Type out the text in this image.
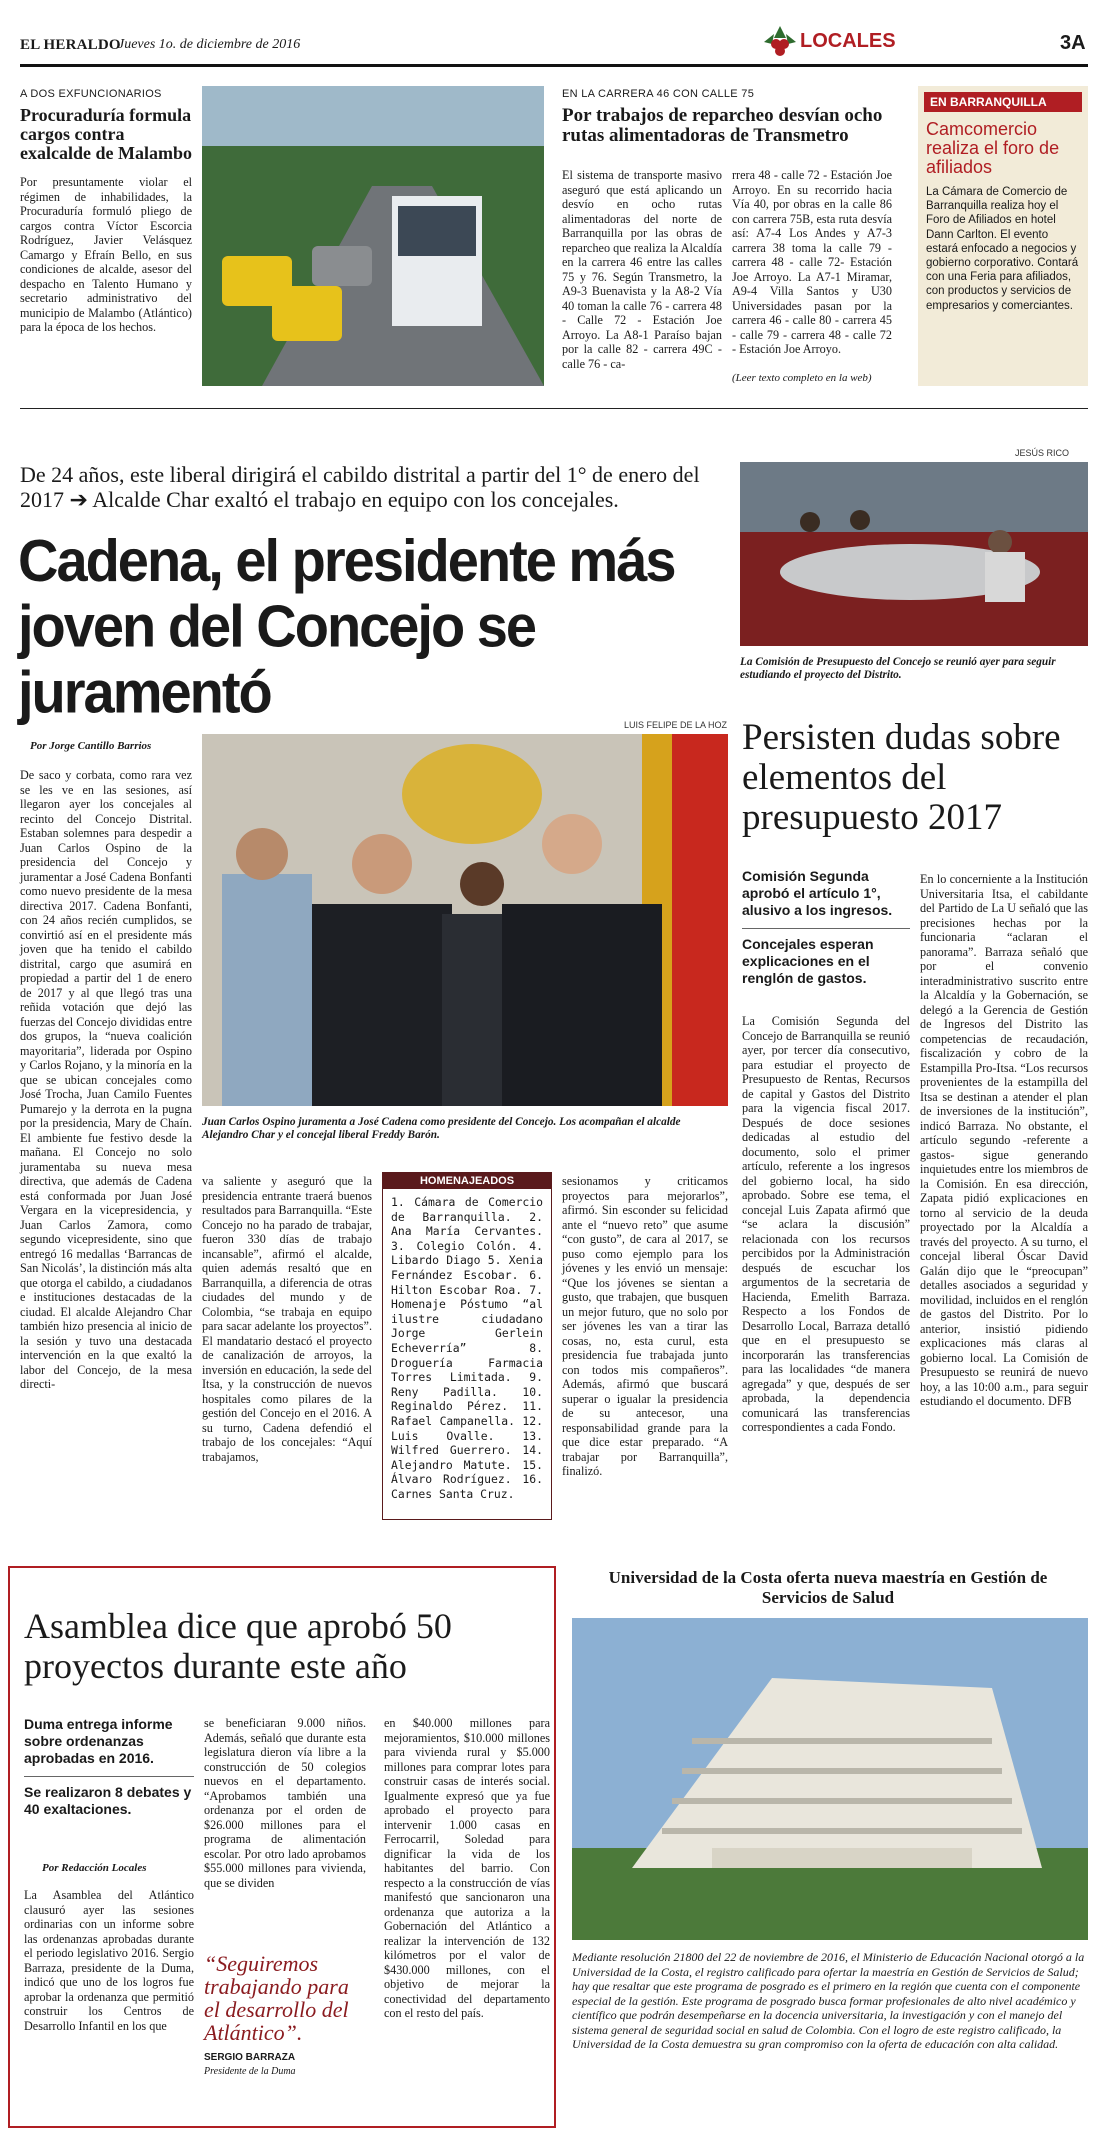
EL HERALDO
Jueves 1o. de diciembre de 2016	LOCALES	3A
A DOS EXFUNCIONARIOS
Procuraduría formula cargos contra exalcalde de Malambo

Por presuntamente violar el régimen de inhabilidades, la Procuraduría formuló pliego de cargos contra Víctor Escorcia Rodríguez, Javier Velásquez Camargo y Efraín Bello, en sus condiciones de alcalde, asesor del despacho en Talento Humano y secretario administrativo del municipio de Malambo (Atlántico) para la época de los hechos.

EN LA CARRERA 46 CON CALLE 75
Por trabajos de reparcheo desvían ocho rutas alimentadoras de Transmetro
El sistema de transporte masivo aseguró que está aplicando un desvío en ocho rutas alimentadoras del norte de Barranquilla por las obras de reparcheo que realiza la Alcaldía en la carrera 46 entre las calles 75 y 76. Según Transmetro, la A9-3 Buenavista y la A8-2 Vía 40 toman la calle 76 - carrera 48 - Calle 72 - Estación Joe Arroyo. La A8-1 Paraíso bajan por la calle 82 - carrera 49C - calle 76 - ca-
rrera 48 - calle 72 - Estación Joe Arroyo. En su recorrido hacia Vía 40, por obras en la calle 86 con carrera 75B, esta ruta desvía así: A7-4 Los Andes y A7-3 carrera 38 toma la calle 79 - carrera 48 - calle 72- Estación Joe Arroyo. La A7-1 Miramar, A9-4 Villa Santos y U30 Universidades pasan por la carrera 46 - calle 80 - carrera 45 - calle 79 - carrera 48 - calle 72 - Estación Joe Arroyo.
(Leer texto completo en la web)
EN BARRANQUILLA
Camcomercio realiza el foro de afiliados
La Cámara de Comercio de Barranquilla realiza hoy el Foro de Afiliados en hotel Dann Carlton. El evento estará enfocado a negocios y gobierno corporativo. Contará con una Feria para afiliados, con productos y servicios de empresarios y comerciantes.
De 24 años, este liberal dirigirá el cabildo distrital a partir del 1° de enero del 2017 ➔ Alcalde Char exaltó el trabajo en equipo con los concejales.
Cadena, el presidente más joven del Concejo se juramentó
JESÚS RICO
La Comisión de Presupuesto del Concejo se reunió ayer para seguir estudiando el proyecto del Distrito.
LUIS FELIPE DE LA HOZ
Por Jorge Cantillo Barrios
De saco y corbata, como rara vez se les ve en las sesiones, así llegaron ayer los concejales al recinto del Concejo Distrital. Estaban solemnes para despedir a Juan Carlos Ospino de la presidencia del Concejo y juramentar a José Cadena Bonfanti como nuevo presidente de la mesa directiva 2017. Cadena Bonfanti, con 24 años recién cumplidos, se convirtió así en el presidente más joven que ha tenido el cabildo distrital, cargo que asumirá en propiedad a partir del 1 de enero de 2017 y al que llegó tras una reñida votación que dejó las fuerzas del Concejo divididas entre dos grupos, la “nueva coalición mayoritaria”, liderada por Ospino y Carlos Rojano, y la minoría en la que se ubican concejales como José Trocha, Juan Camilo Fuentes Pumarejo y la derrota en la pugna por la presidencia, Mary de Chaín. El ambiente fue festivo desde la mañana. El Concejo no solo juramentaba su nueva mesa directiva, que además de Cadena está conformada por Juan José Vergara en la vicepresidencia, y Juan Carlos Zamora, como segundo vicepresidente, sino que entregó 16 medallas ‘Barrancas de San Nicolás’, la distinción más alta que otorga el cabildo, a ciudadanos e instituciones destacadas de la ciudad. El alcalde Alejandro Char también hizo presencia al inicio de la sesión y tuvo una destacada intervención en la que exaltó la labor del Concejo, de la mesa directi-
Juan Carlos Ospino juramenta a José Cadena como presidente del Concejo. Los acompañan el alcalde Alejandro Char y el concejal liberal Freddy Barón.
va saliente y aseguró que la presidencia entrante traerá buenos resultados para Barranquilla. “Este Concejo no ha parado de trabajar, fueron 330 días de trabajo incansable”, afirmó el alcalde, quien además resaltó que en Barranquilla, a diferencia de otras ciudades del mundo y de Colombia, “se trabaja en equipo para sacar adelante los proyectos”. El mandatario destacó el proyecto de canalización de arroyos, la inversión en educación, la sede del Itsa, y la construcción de nuevos hospitales como pilares de la gestión del Concejo en el 2016. A su turno, Cadena defendió el trabajo de los concejales: “Aquí trabajamos,
HOMENAJEADOS
1. Cámara de Comercio de Barranquilla. 2. Ana María Cervantes. 3. Colegio Colón. 4. Libardo Diago 5. Xenia Fernández Escobar. 6. Hilton Escobar Roa. 7. Homenaje Póstumo “al ilustre ciudadano Jorge Gerlein Echeverría” 8. Droguería Farmacia Torres Limitada. 9. Reny Padilla. 10. Reginaldo Pérez. 11. Rafael Campanella. 12. Luis Ovalle. 13. Wilfred Guerrero. 14. Alejandro Matute. 15. Álvaro Rodríguez. 16. Carnes Santa Cruz.
sesionamos y criticamos proyectos para mejorarlos”, afirmó. Sin esconder su felicidad ante el “nuevo reto” que asume “con gusto”, de cara al 2017, se puso como ejemplo para los jóvenes y les envió un mensaje: “Que los jóvenes se sientan a gusto, que trabajen, que busquen un mejor futuro, que no solo por ser jóvenes les van a tirar las cosas, no, esta curul, esta presidencia fue trabajada junto con todos mis compañeros”. Además, afirmó que buscará superar o igualar la presidencia de su antecesor, una responsabilidad grande para la que dice estar preparado. “A trabajar por Barranquilla”, finalizó.
Persisten dudas sobre elementos del presupuesto 2017
Comisión Segunda aprobó el artículo 1°, alusivo a los ingresos.
Concejales esperan explicaciones en el renglón de gastos.
La Comisión Segunda del Concejo de Barranquilla se reunió ayer, por tercer día consecutivo, para estudiar el proyecto de Presupuesto de Rentas, Recursos de capital y Gastos del Distrito para la vigencia fiscal 2017. Después de doce sesiones dedicadas al estudio del documento, solo el primer artículo, referente a los ingresos del gobierno local, ha sido aprobado. Sobre ese tema, el concejal Luis Zapata afirmó que “se aclara la discusión” relacionada con los recursos percibidos por la Administración después de escuchar los argumentos de la secretaria de Hacienda, Emelith Barraza. Respecto a los Fondos de Desarrollo Local, Barraza detalló que en el presupuesto se incorporarán las transferencias para las localidades “de manera agregada” y que, después de ser aprobada, la dependencia comunicará las transferencias correspondientes a cada Fondo.
En lo concerniente a la Institución Universitaria Itsa, el cabildante del Partido de La U señaló que las precisiones hechas por la funcionaria “aclaran el panorama”. Barraza señaló que por el convenio interadministrativo suscrito entre la Alcaldía y la Gobernación, se delegó a la Gerencia de Gestión de Ingresos del Distrito las competencias de recaudación, fiscalización y cobro de la Estampilla Pro-Itsa. “Los recursos provenientes de la estampilla del Itsa se destinan a atender el plan de inversiones de la institución”, indicó Barraza. No obstante, el artículo segundo -referente a gastos- sigue generando inquietudes entre los miembros de la Comisión. En esa dirección, Zapata pidió explicaciones en torno al servicio de la deuda proyectado por la Alcaldía a través del proyecto. A su turno, el concejal liberal Óscar David Galán dijo que le “preocupan” detalles asociados a seguridad y movilidad, incluidos en el renglón de gastos del Distrito. Por lo anterior, insistió pidiendo explicaciones más claras al gobierno local. La Comisión de Presupuesto se reunirá de nuevo hoy, a las 10:00 a.m., para seguir estudiando el documento. DFB
Asamblea dice que aprobó 50 proyectos durante este año
Duma entrega informe sobre ordenanzas aprobadas en 2016.
Se realizaron 8 debates y 40 exaltaciones.
Por Redacción Locales
La Asamblea del Atlántico clausuró ayer las sesiones ordinarias con un informe sobre las ordenanzas aprobadas durante el periodo legislativo 2016. Sergio Barraza, presidente de la Duma, indicó que uno de los logros fue aprobar la ordenanza que permitió construir los Centros de Desarrollo Infantil en los que
se beneficiaran 9.000 niños. Además, señaló que durante esta legislatura dieron vía libre a la construcción de 50 colegios nuevos en el departamento. “Aprobamos también una ordenanza por el orden de $26.000 millones para el programa de alimentación escolar. Por otro lado aprobamos $55.000 millones para vivienda, que se dividen
“Seguiremos trabajando para el desarrollo del Atlántico”.
SERGIO BARRAZA
Presidente de la Duma
en $40.000 millones para mejoramientos, $10.000 millones para vivienda rural y $5.000 millones para comprar lotes para construir casas de interés social. Igualmente expresó que ya fue aprobado el proyecto para intervenir 1.000 casas en Ferrocarril, Soledad para dignificar la vida de los habitantes del barrio. Con respecto a la construcción de vías manifestó que sancionaron una ordenanza que autoriza a la Gobernación del Atlántico a realizar la intervención de 132 kilómetros por el valor de $430.000 millones, con el objetivo de mejorar la conectividad del departamento con el resto del país.
Universidad de la Costa oferta nueva maestría en Gestión de Servicios de Salud
Mediante resolución 21800 del 22 de noviembre de 2016, el Ministerio de Educación Nacional otorgó a la Universidad de la Costa, el registro calificado para ofertar la maestría en Gestión de Servicios de Salud; hay que resaltar que este programa de posgrado es el primero en la región que cuenta con el componente especial de la gestión. Este programa de posgrado busca formar profesionales de alto nivel académico y científico que podrán desempeñarse en la docencia universitaria, la investigación y con el manejo del sistema general de seguridad social en salud de Colombia. Con el logro de este registro calificado, la Universidad de la Costa demuestra su gran compromiso con la oferta de educación con alta calidad.
